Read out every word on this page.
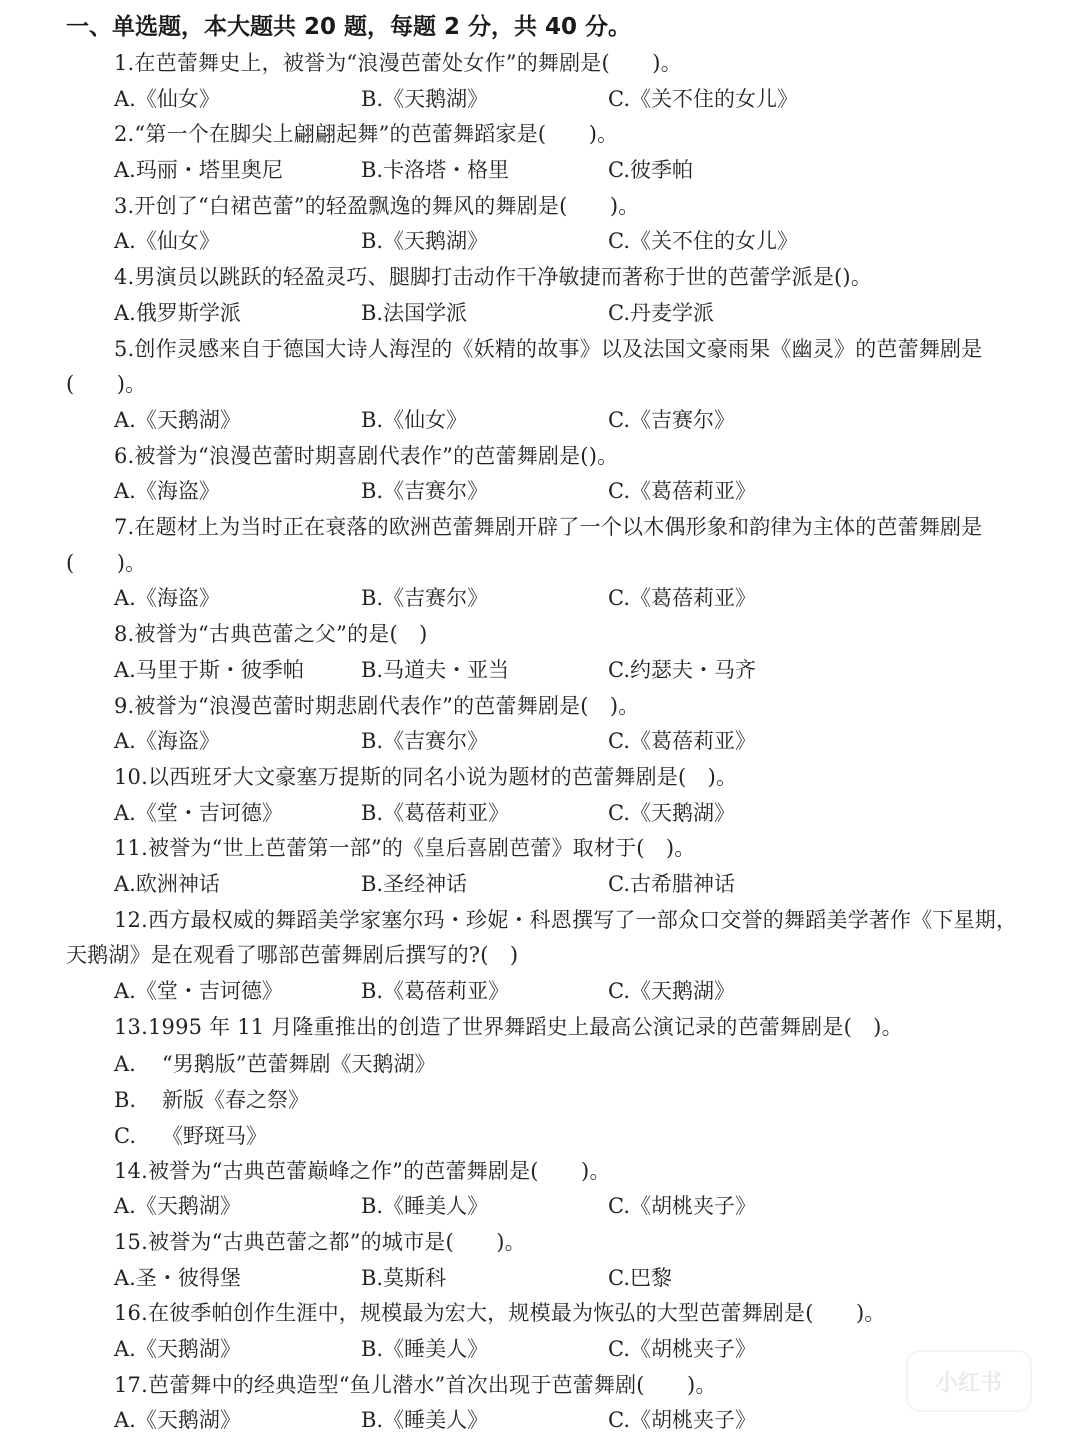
一、单选题，本大题共 20 题，每题 2 分，共 40 分。
1.在芭蕾舞史上，被誉为“浪漫芭蕾处女作”的舞剧是(　　)。
A.《仙女》	B.《天鹅湖》	C.《关不住的女儿》
2.“第一个在脚尖上翩翩起舞”的芭蕾舞蹈家是(　　)。
A.玛丽・塔里奥尼	B.卡洛塔・格里	C.彼季帕
3.开创了“白裙芭蕾”的轻盈飘逸的舞风的舞剧是(　　)。
A.《仙女》	B.《天鹅湖》	C.《关不住的女儿》
4.男演员以跳跃的轻盈灵巧、腿脚打击动作干净敏捷而著称于世的芭蕾学派是()。
A.俄罗斯学派	B.法国学派	C.丹麦学派
5.创作灵感来自于德国大诗人海涅的《妖精的故事》以及法国文豪雨果《幽灵》的芭蕾舞剧是(　　)。
A.《天鹅湖》	B.《仙女》	C.《吉赛尔》
6.被誉为“浪漫芭蕾时期喜剧代表作”的芭蕾舞剧是()。
A.《海盗》	B.《吉赛尔》	C.《葛蓓莉亚》
7.在题材上为当时正在衰落的欧洲芭蕾舞剧开辟了一个以木偶形象和韵律为主体的芭蕾舞剧是(　　)。
A.《海盗》	B.《吉赛尔》	C.《葛蓓莉亚》
8.被誉为“古典芭蕾之父”的是(　)
A.马里于斯・彼季帕	B.马道夫・亚当	C.约瑟夫・马齐
9.被誉为“浪漫芭蕾时期悲剧代表作”的芭蕾舞剧是(　)。
A.《海盗》	B.《吉赛尔》	C.《葛蓓莉亚》
10.以西班牙大文豪塞万提斯的同名小说为题材的芭蕾舞剧是(　)。
A.《堂・吉诃德》	B.《葛蓓莉亚》	C.《天鹅湖》
11.被誉为“世上芭蕾第一部”的《皇后喜剧芭蕾》取材于(　)。
A.欧洲神话	B.圣经神话	C.古希腊神话
12.西方最权威的舞蹈美学家塞尔玛・珍妮・科恩撰写了一部众口交誉的舞蹈美学著作《下星期，天鹅湖》是在观看了哪部芭蕾舞剧后撰写的?(　)
A.《堂・吉诃德》	B.《葛蓓莉亚》	C.《天鹅湖》
13.1995 年 11 月隆重推出的创造了世界舞蹈史上最高公演记录的芭蕾舞剧是(　)。
A.	“男鹅版”芭蕾舞剧《天鹅湖》
B.	新版《春之祭》
C.	《野斑马》
14.被誉为“古典芭蕾巅峰之作”的芭蕾舞剧是(　　)。
A.《天鹅湖》	B.《睡美人》	C.《胡桃夹子》
15.被誉为“古典芭蕾之都”的城市是(　　)。
A.圣・彼得堡	B.莫斯科	C.巴黎
16.在彼季帕创作生涯中，规模最为宏大，规模最为恢弘的大型芭蕾舞剧是(　　)。
A.《天鹅湖》	B.《睡美人》	C.《胡桃夹子》
17.芭蕾舞中的经典造型“鱼儿潜水”首次出现于芭蕾舞剧(　　)。
A.《天鹅湖》	B.《睡美人》	C.《胡桃夹子》
小红书
